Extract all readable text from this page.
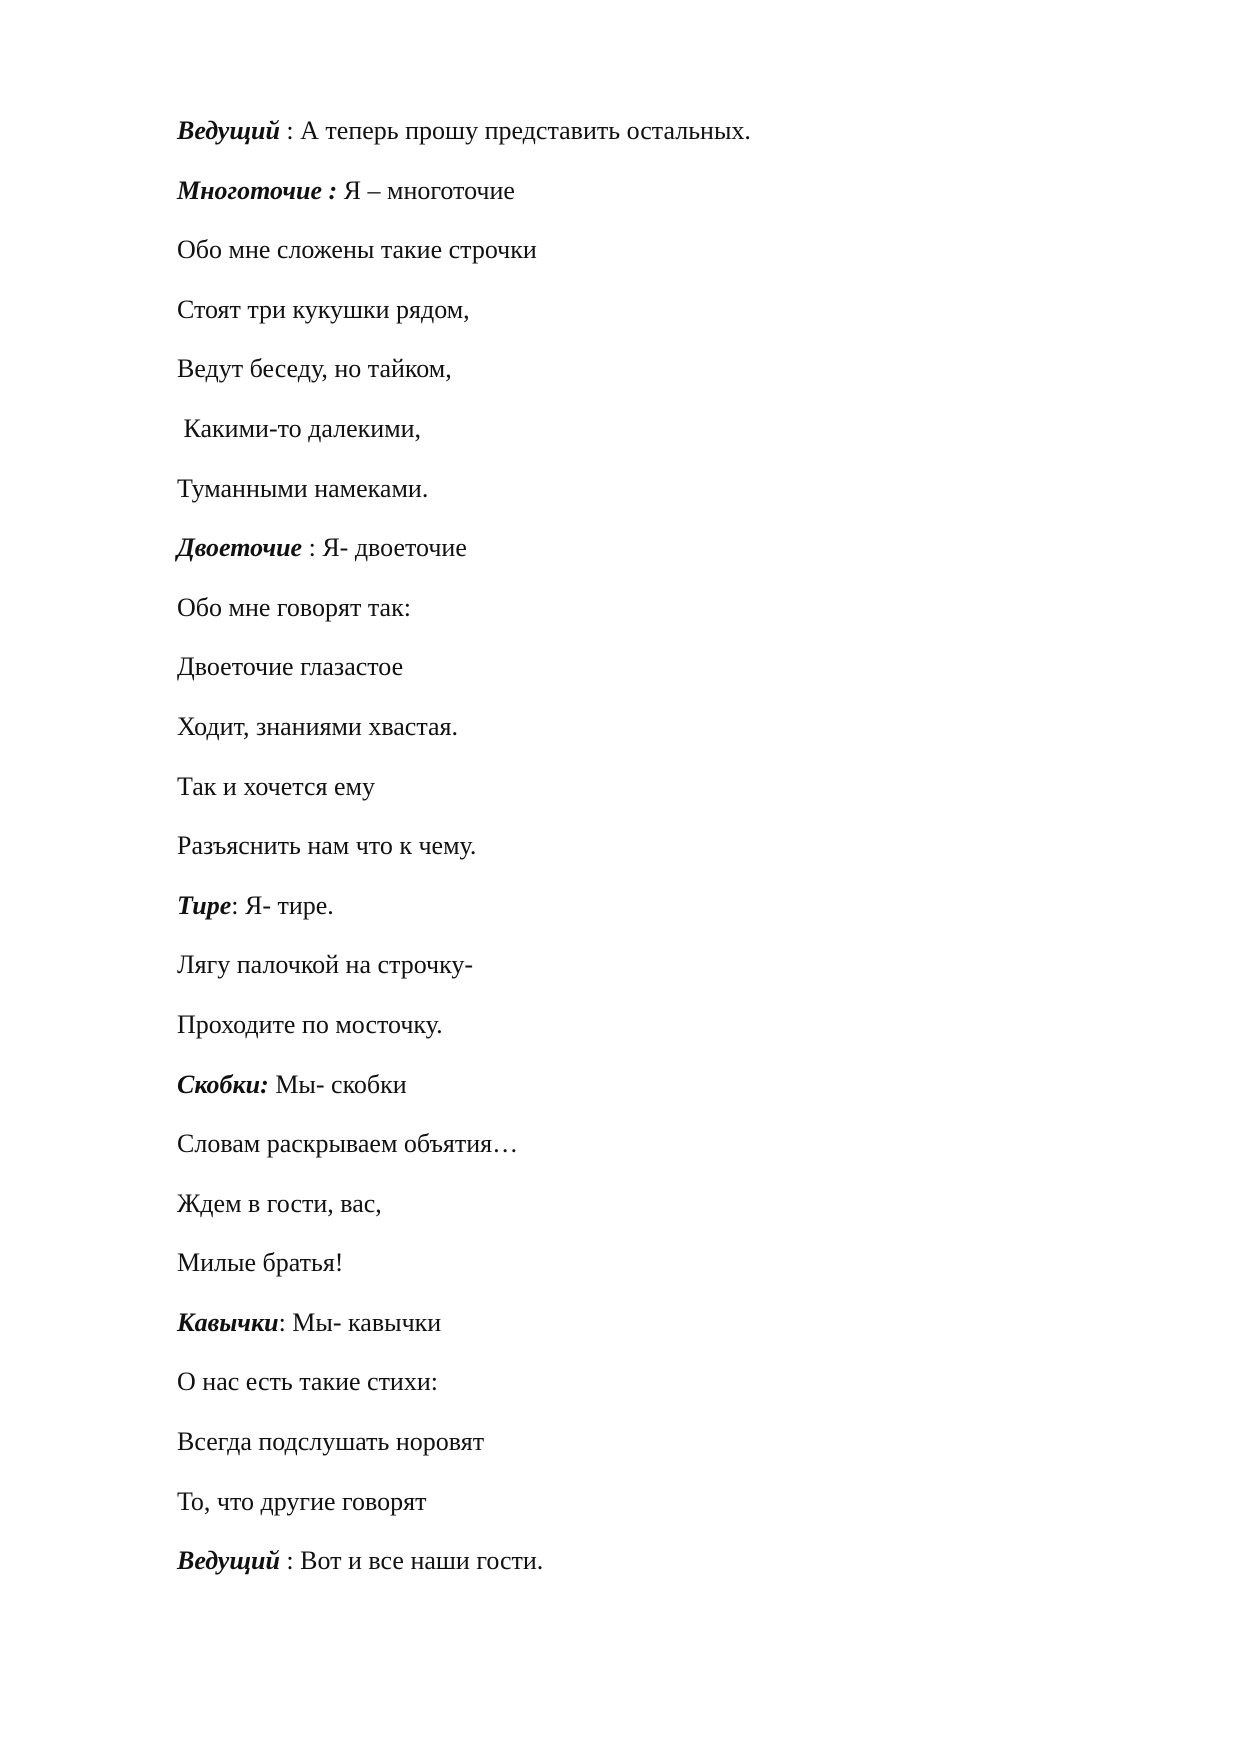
Ведущий : А теперь прошу представить остальных.

Многоточие : Я – многоточие

Обо мне сложены такие строчки

Стоят три кукушки рядом,

Ведут беседу, но тайком,

Какими-то далекими,

Туманными намеками.

Двоеточие : Я- двоеточие

Обо мне говорят так:

Двоеточие глазастое

Ходит, знаниями хвастая.

Так и хочется ему

Разъяснить нам что к чему.

Тире: Я- тире.

Лягу палочкой на строчку-

Проходите по мосточку.

Скобки: Мы- скобки

Словам раскрываем объятия…

Ждем в гости, вас,

Милые братья!

Кавычки: Мы- кавычки

О нас есть такие стихи:

Всегда подслушать норовят

То, что другие говорят

Ведущий : Вот и все наши гости.
